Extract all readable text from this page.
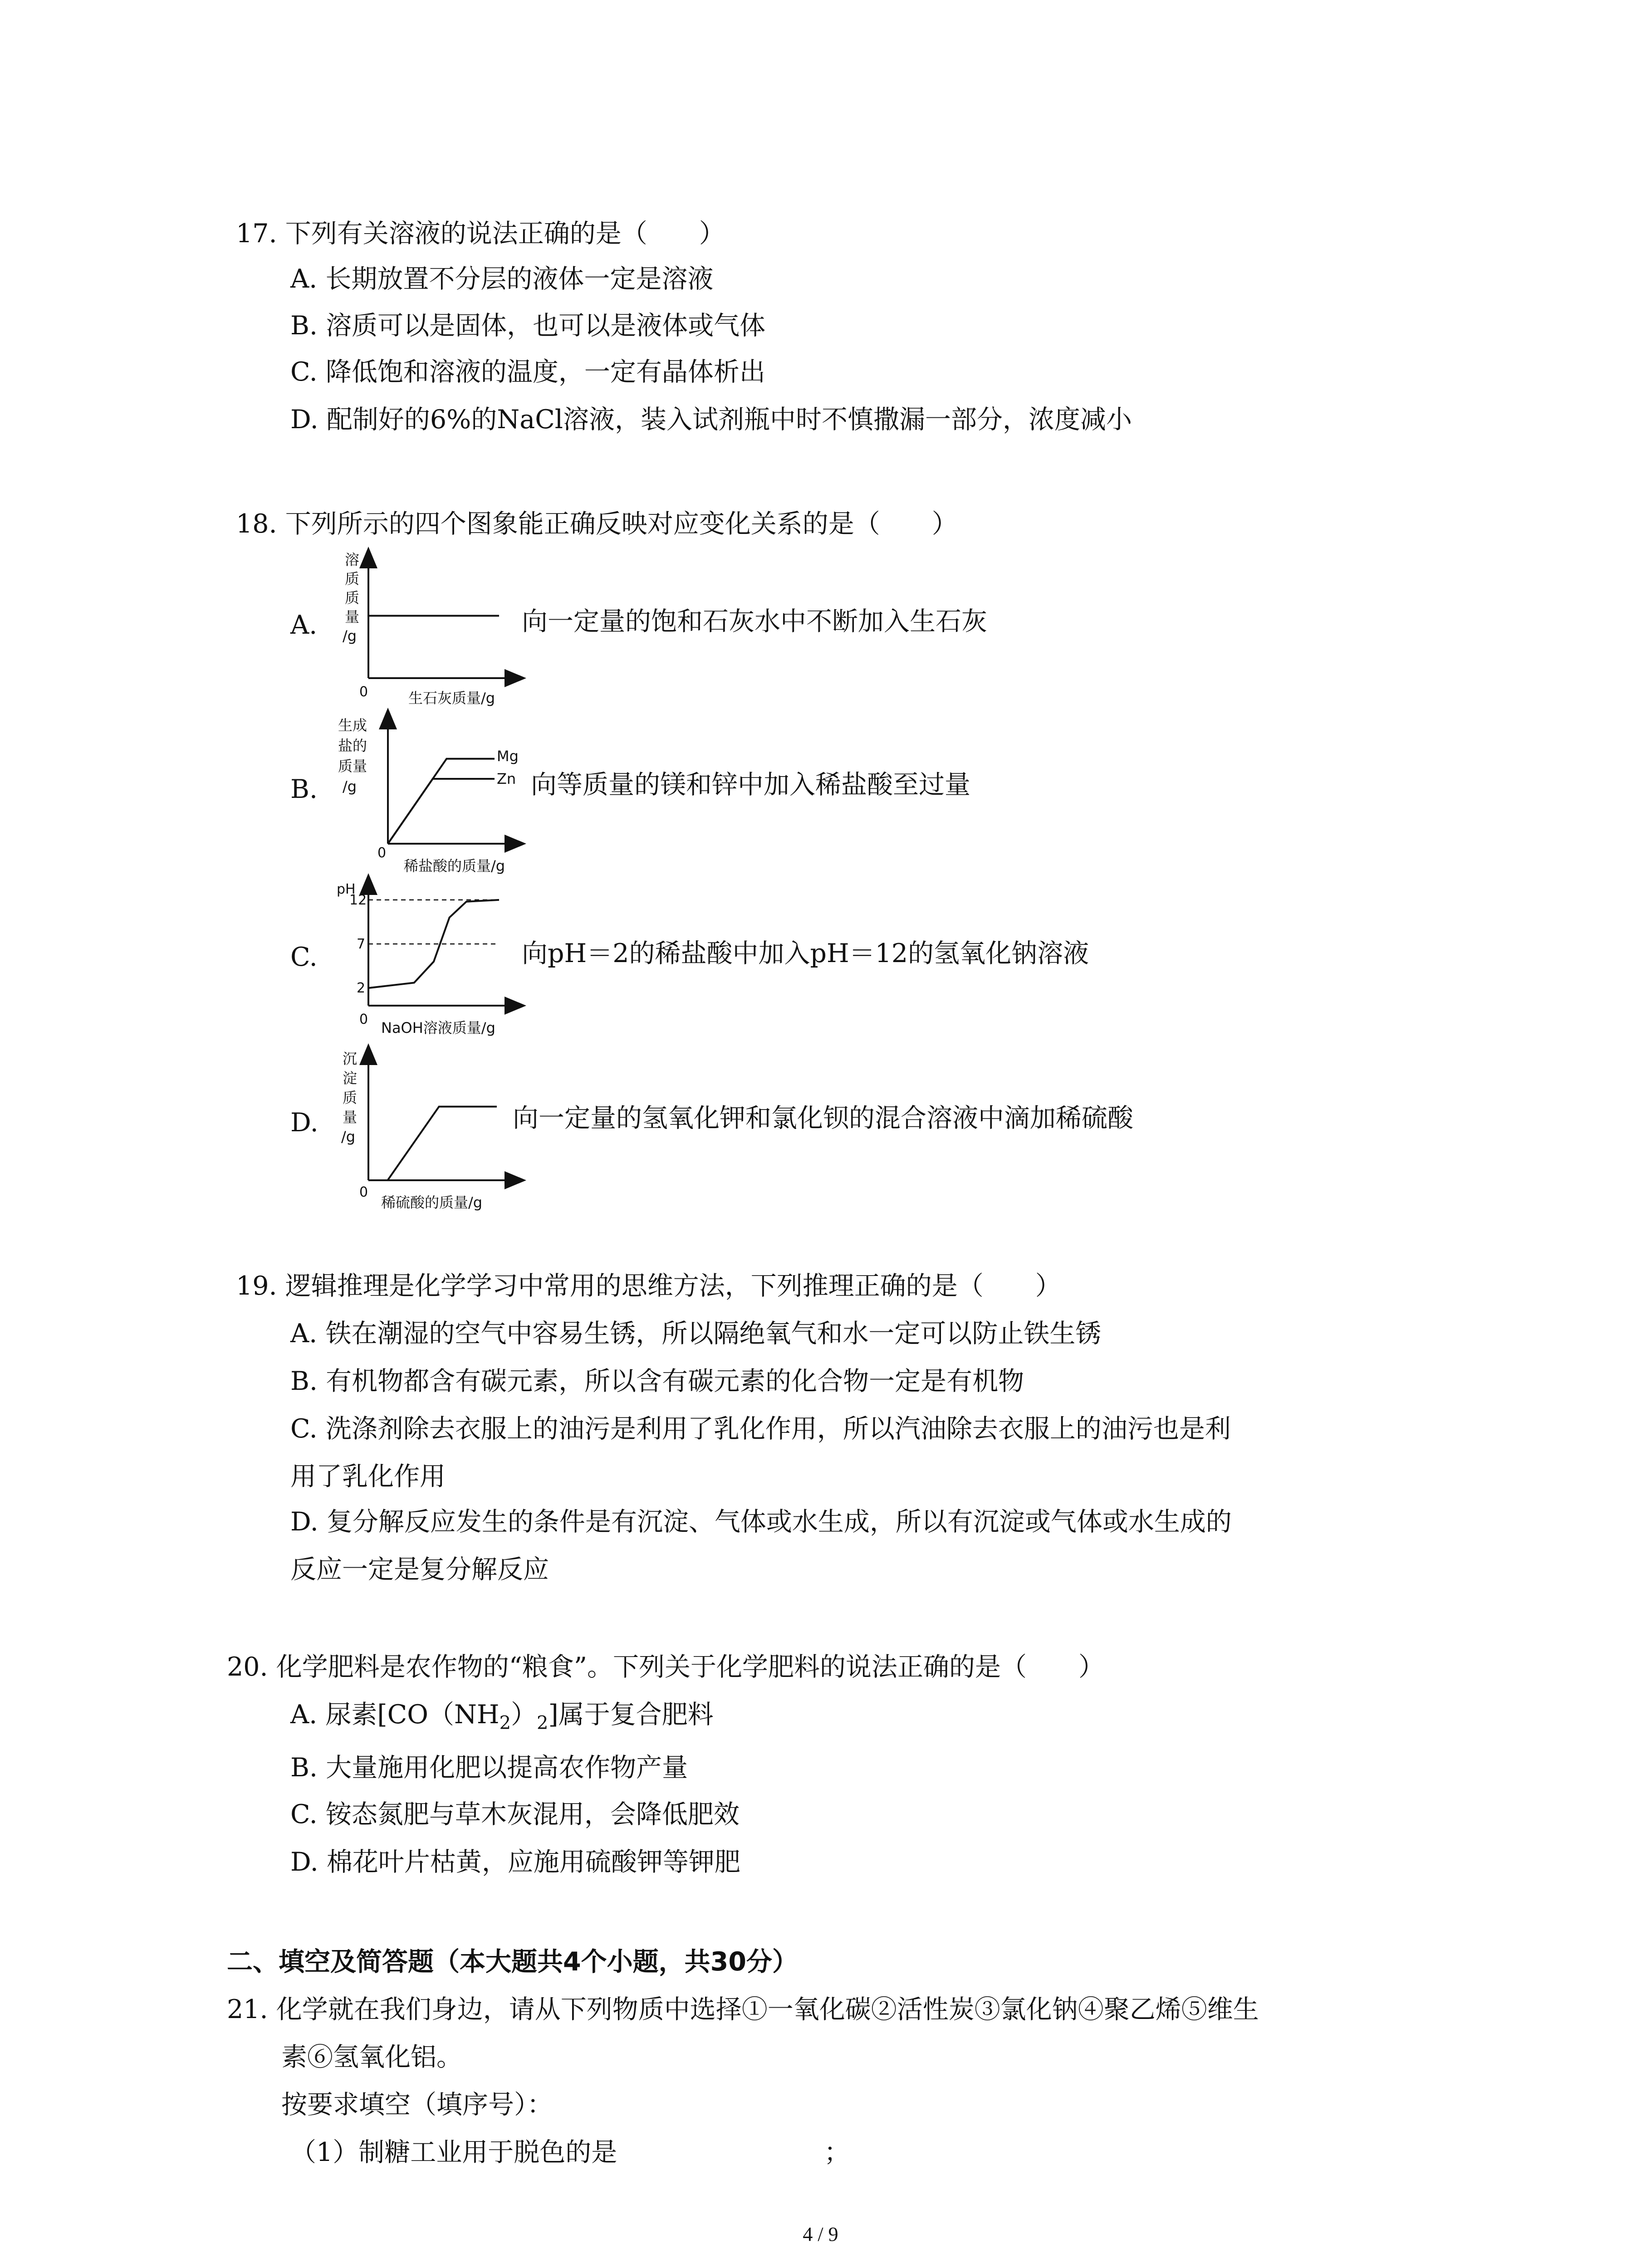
17. 下列有关溶液的说法正确的是（　　）
A. 长期放置不分层的液体一定是溶液
B. 溶质可以是固体，也可以是液体或气体
C. 降低饱和溶液的温度，一定有晶体析出
D. 配制好的6%的NaCl溶液，装入试剂瓶中时不慎撒漏一部分，浓度减小
18. 下列所示的四个图象能正确反映对应变化关系的是（　　）
A.
溶
质
质
量
/g
0	生石灰质量/g
向一定量的饱和石灰水中不断加入生石灰
B.
生成
盐的
质量
/g
0
稀盐酸的质量/g
Mg
Zn 向等质量的镁和锌中加入稀盐酸至过量
C.
pH
12
7
2
0 NaOH溶液质量/g
向pH＝2的稀盐酸中加入pH＝12的氢氧化钠溶液
D.
沉
淀
质
量
/g
0
稀硫酸的质量/g
向一定量的氢氧化钾和氯化钡的混合溶液中滴加稀硫酸
19. 逻辑推理是化学学习中常用的思维方法，下列推理正确的是（　　）
A. 铁在潮湿的空气中容易生锈，所以隔绝氧气和水一定可以防止铁生锈
B. 有机物都含有碳元素，所以含有碳元素的化合物一定是有机物
C. 洗涤剂除去衣服上的油污是利用了乳化作用，所以汽油除去衣服上的油污也是利
用了乳化作用
D. 复分解反应发生的条件是有沉淀、气体或水生成，所以有沉淀或气体或水生成的
反应一定是复分解反应
20. 化学肥料是农作物的“粮食”。下列关于化学肥料的说法正确的是（　　）
A. 尿素$[CO(NH_2)_2]$属于复合肥料
B. 大量施用化肥以提高农作物产量
C. 铵态氮肥与草木灰混用，会降低肥效
D. 棉花叶片枯黄，应施用硫酸钾等钾肥
二、填空及简答题（本大题共4个小题，共30分）
21. 化学就在我们身边，请从下列物质中选择①一氧化碳②活性炭③氯化钠④聚乙烯⑤维生
素⑥氢氧化铝。
按要求填空（填序号）：
（1）制糖工业用于脱色的是　　　　　　　　；
4 / 9
